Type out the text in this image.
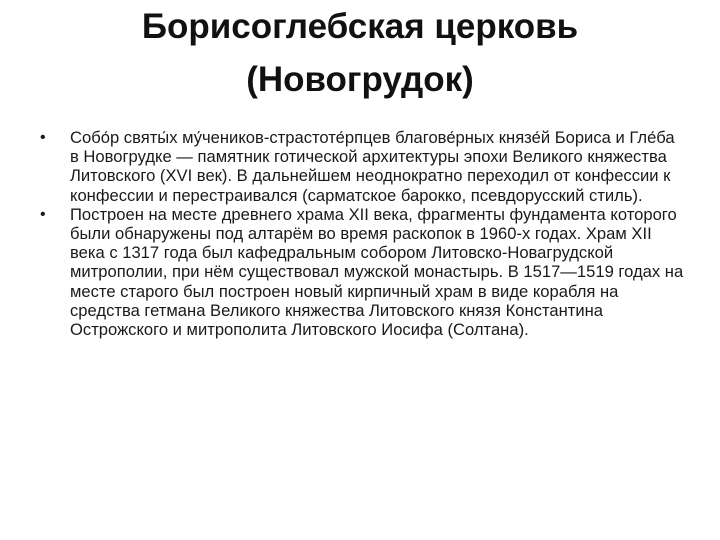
Борисоглебская церковь
(Новогрудок)
• Собо́р святы́х му́чеников-страстоте́рпцев благове́рных князе́й Бориса и Гле́ба в Новогрудке — памятник готической архитектуры эпохи Великого княжества Литовского (XVI век). В дальнейшем неоднократно переходил от конфессии к конфессии и перестраивался (сарматское барокко, псевдорусский стиль).
• Построен на месте древнего храма XII века, фрагменты фундамента которого были обнаружены под алтарём во время раскопок в 1960-х годах. Храм XII века с 1317 года был кафедральным собором Литовско-Новагрудской митрополии, при нём существовал мужской монастырь. В 1517—1519 годах на месте старого был построен новый кирпичный храм в виде корабля на средства гетмана Великого княжества Литовского князя Константина Острожского и митрополита Литовского Иосифа (Солтана).
